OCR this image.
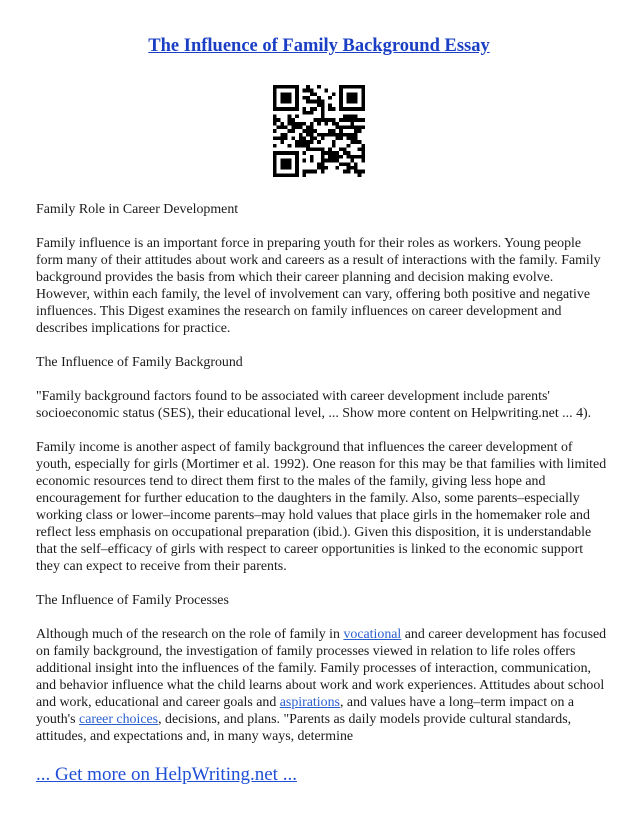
The Influence of Family Background Essay

Family Role in Career Development

Family influence is an important force in preparing youth for their roles as workers. Young people form many of their attitudes about work and careers as a result of interactions with the family. Family background provides the basis from which their career planning and decision making evolve. However, within each family, the level of involvement can vary, offering both positive and negative influences. This Digest examines the research on family influences on career development and describes implications for practice.

The Influence of Family Background

"Family background factors found to be associated with career development include parents' socioeconomic status (SES), their educational level, ... Show more content on Helpwriting.net ... 4).

Family income is another aspect of family background that influences the career development of youth, especially for girls (Mortimer et al. 1992). One reason for this may be that families with limited economic resources tend to direct them first to the males of the family, giving less hope and encouragement for further education to the daughters in the family. Also, some parents–especially working class or lower–income parents–may hold values that place girls in the homemaker role and reflect less emphasis on occupational preparation (ibid.). Given this disposition, it is understandable that the self–efficacy of girls with respect to career opportunities is linked to the economic support they can expect to receive from their parents.

The Influence of Family Processes

Although much of the research on the role of family in vocational and career development has focused on family background, the investigation of family processes viewed in relation to life roles offers additional insight into the influences of the family. Family processes of interaction, communication, and behavior influence what the child learns about work and work experiences. Attitudes about school and work, educational and career goals and aspirations, and values have a long–term impact on a youth's career choices, decisions, and plans. "Parents as daily models provide cultural standards, attitudes, and expectations and, in many ways, determine

... Get more on HelpWriting.net ...
